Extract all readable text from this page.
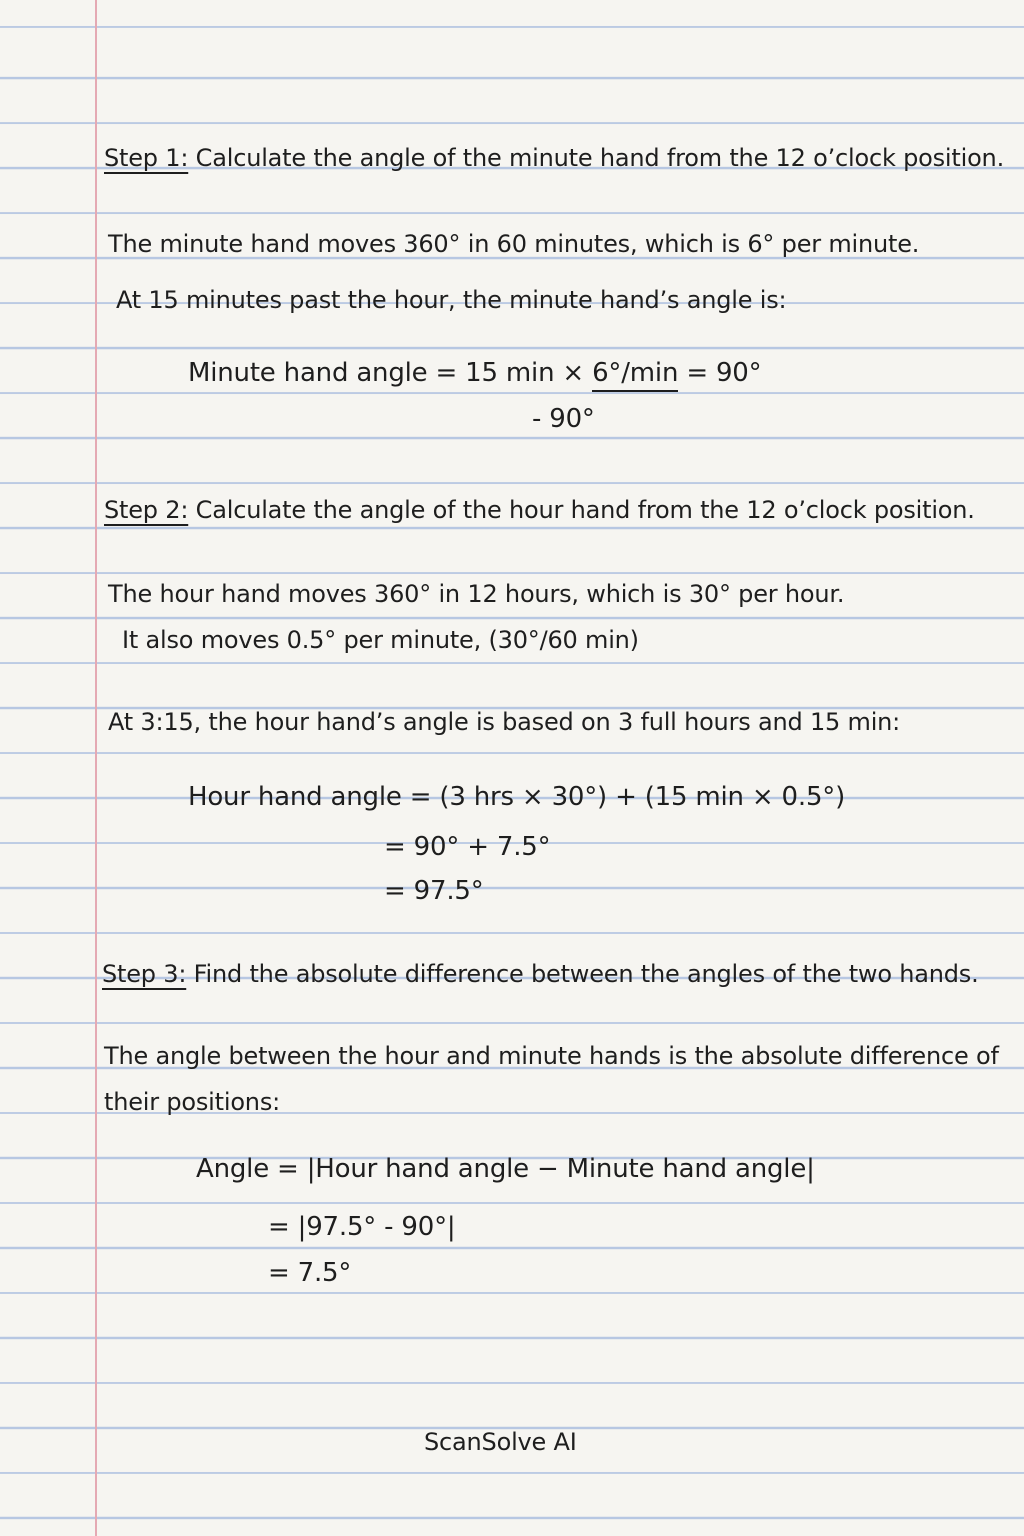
Step 1: Calculate the angle of the minute hand from the 12 o’clock position.
The minute hand moves 360° in 60 minutes, which is 6° per minute.
At 15 minutes past the hour, the minute hand’s angle is:
Minute hand angle = 15 min × 6°/min = 90°
- 90°
Step 2: Calculate the angle of the hour hand from the 12 o’clock position.
The hour hand moves 360° in 12 hours, which is 30° per hour.
It also moves 0.5° per minute, (30°/60 min)
At 3:15, the hour hand’s angle is based on 3 full hours and 15 min:
Hour hand angle = (3 hrs × 30°) + (15 min × 0.5°)
= 90° + 7.5°
= 97.5°
Step 3: Find the absolute difference between the angles of the two hands.
The angle between the hour and minute hands is the absolute difference of
their positions:
Angle = |Hour hand angle − Minute hand angle|
= |97.5° - 90°|
= 7.5°
ScanSolve AI
